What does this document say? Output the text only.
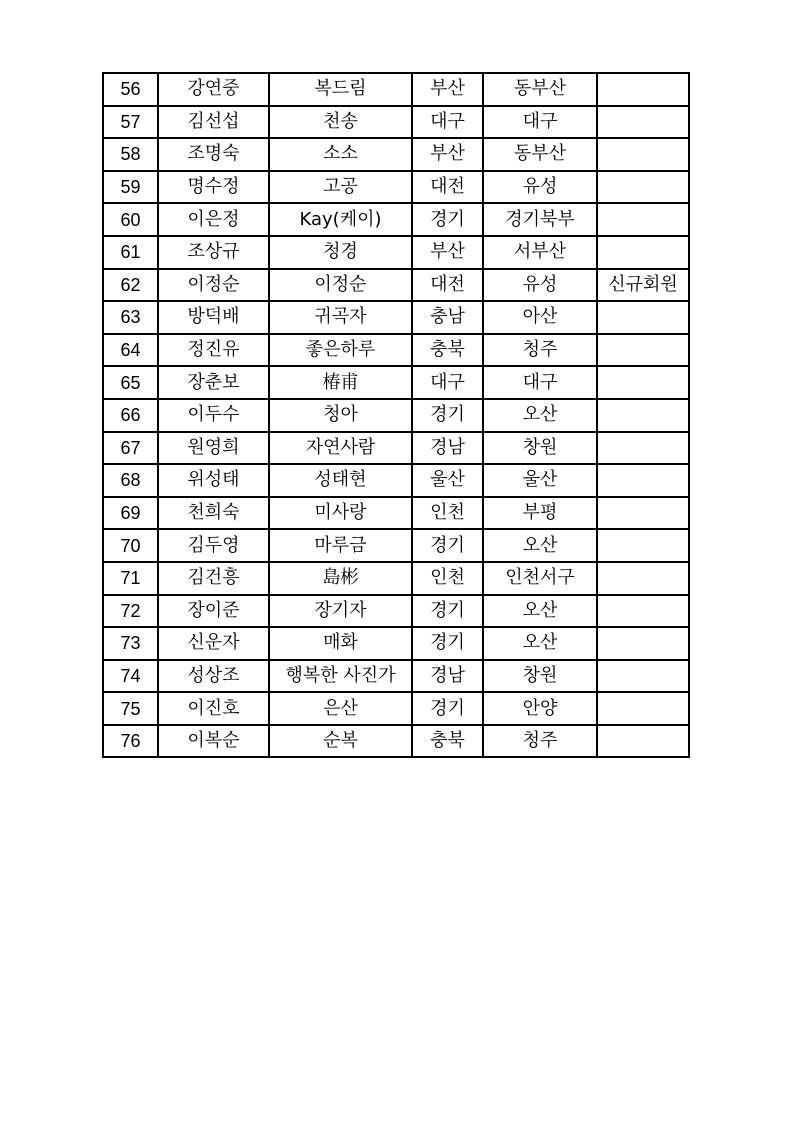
56	강연중	복드림	부산	동부산	
57	김선섭	천송	대구	대구	
58	조명숙	소소	부산	동부산	
59	명수정	고공	대전	유성	
60	이은정	Kay(케이)	경기	경기북부	
61	조상규	청경	부산	서부산	
62	이정순	이정순	대전	유성	신규회원
63	방덕배	귀곡자	충남	아산	
64	정진유	좋은하루	충북	청주	
65	장춘보	椿甫	대구	대구	
66	이두수	청아	경기	오산	
67	원영희	자연사람	경남	창원	
68	위성태	성태현	울산	울산	
69	천희숙	미사랑	인천	부평	
70	김두영	마루금	경기	오산	
71	김건흥	島彬	인천	인천서구	
72	장이준	장기자	경기	오산	
73	신운자	매화	경기	오산	
74	성상조	행복한 사진가	경남	창원	
75	이진호	은산	경기	안양	
76	이복순	순복	충북	청주	
